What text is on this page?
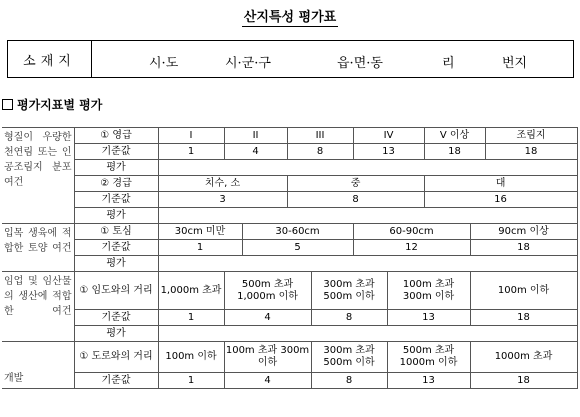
산지특성 평가표
소재지	시·도	시·군·구	읍·면·동	리	번지
평가지표별 평가
형질이 우량한 천연림 또는 인공조림지 분포 여건	① 영급	I	II		III		IV		V 이상		조림지
	기준값	1	4		8		13		18		18
	평가										
	② 경급	치수, 소			중				대		
	기준값	3			8				16		
	평가										
입목 생육에 적합한 토양 여건	① 토심	30cm 미만		30-60cm			60-90cm			90cm 이상	
	기준값	1		5			12			18	
	평가										
임업 및 임산물의 생산에 적합한 여건	① 임도와의 거리	1,000m 초과	500m 초과 1,000m 이하			300m 초과 500m 이하		100m 초과 300m 이하		100m 이하	
	기준값	1	4			8		13		18	
	평가										
개발	① 도로와의 거리	100m 이하	100m 초과 300m 이하			300m 초과 500m 이하		500m 초과 1000m 이하		1000m 초과	
	기준값	1	4			8		13		18	
